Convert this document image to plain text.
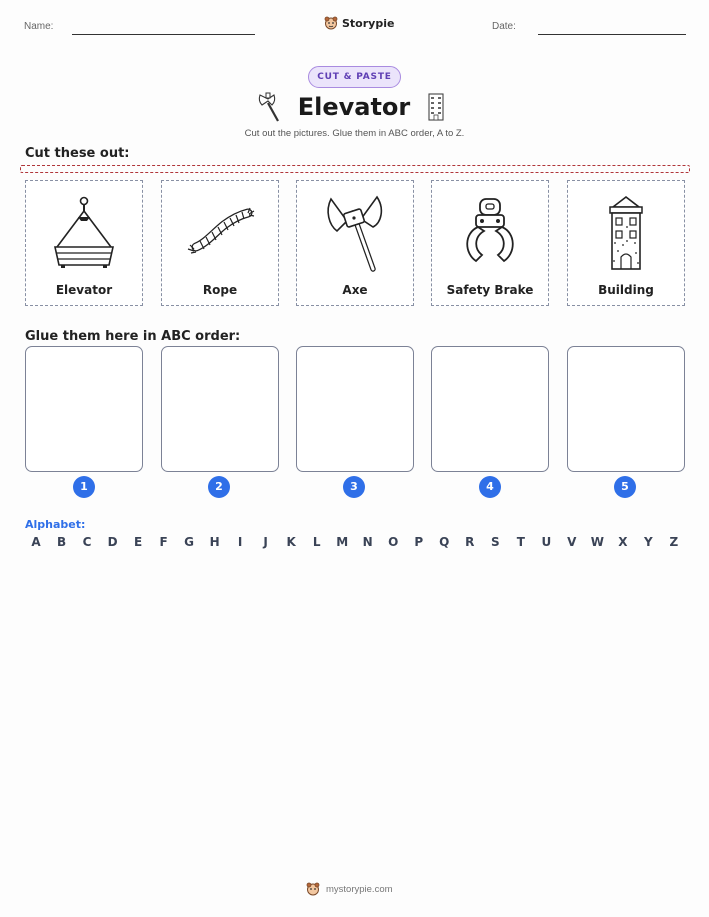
Name:	Storypie	Date:
CUT & PASTE
Elevator
Cut out the pictures. Glue them in ABC order, A to Z.
Cut these out:
Elevator	Rope	Axe	Safety Brake	Building
Glue them here in ABC order:
1	2	3	4	5
Alphabet:
A	B	C	D	E	F	G	H	I	J	K	L	M	N	O	P	Q	R	S	T	U	V	W	X	Y	Z
mystorypie.com
